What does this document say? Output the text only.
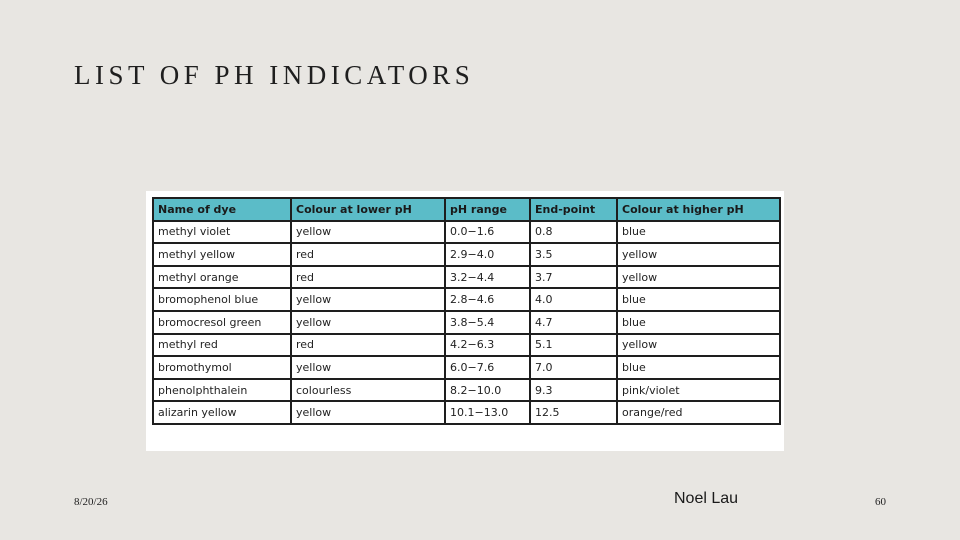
LIST OF PH INDICATORS
Name of dye	Colour at lower pH	pH range	End-point	Colour at higher pH
methyl violet	yellow	0.0−1.6	0.8	blue
methyl yellow	red	2.9−4.0	3.5	yellow
methyl orange	red	3.2−4.4	3.7	yellow
bromophenol blue	yellow	2.8−4.6	4.0	blue
bromocresol green	yellow	3.8−5.4	4.7	blue
methyl red	red	4.2−6.3	5.1	yellow
bromothymol	yellow	6.0−7.6	7.0	blue
phenolphthalein	colourless	8.2−10.0	9.3	pink/violet
alizarin yellow	yellow	10.1−13.0	12.5	orange/red
8/20/26	Noel Lau	60
